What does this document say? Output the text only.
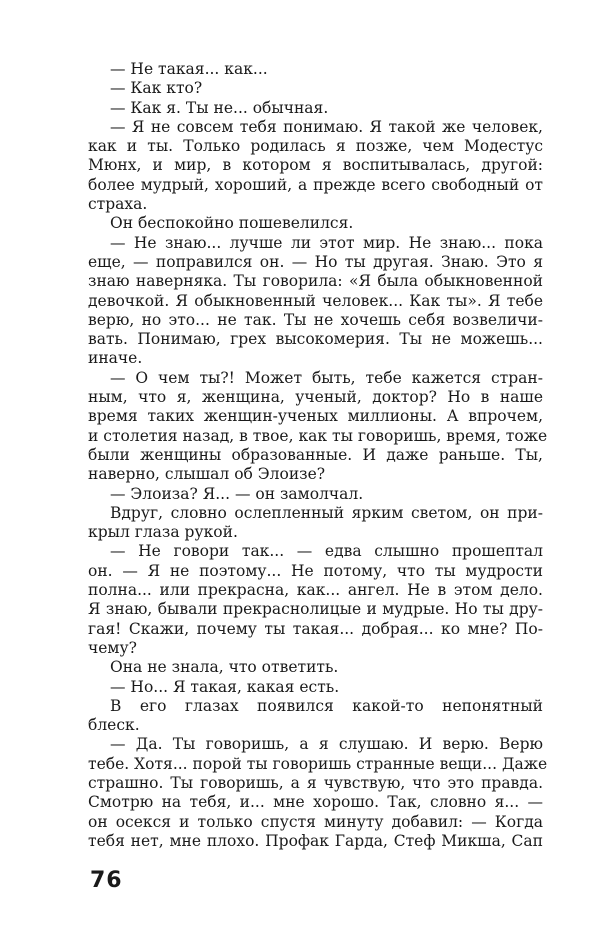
— Не такая... как...
— Как кто?
— Как я. Ты не... обычная.
— Я не совсем тебя понимаю. Я такой же человек,
как и ты. Только родилась я позже, чем Модестус
Мюнх, и мир, в котором я воспитывалась, другой:
более мудрый, хороший, а прежде всего свободный от
страха.
Он беспокойно пошевелился.
— Не знаю... лучше ли этот мир. Не знаю... пока
еще, — поправился он. — Но ты другая. Знаю. Это я
знаю наверняка. Ты говорила: «Я была обыкновенной
девочкой. Я обыкновенный человек... Как ты». Я тебе
верю, но это... не так. Ты не хочешь себя возвеличи-
вать. Понимаю, грех высокомерия. Ты не можешь...
иначе.
— О чем ты?! Может быть, тебе кажется стран-
ным, что я, женщина, ученый, доктор? Но в наше
время таких женщин-ученых миллионы. А впрочем,
и столетия назад, в твое, как ты говоришь, время, тоже
были женщины образованные. И даже раньше. Ты,
наверно, слышал об Элоизе?
— Элоиза? Я... — он замолчал.
Вдруг, словно ослепленный ярким светом, он при-
крыл глаза рукой.
— Не говори так... — едва слышно прошептал
он. — Я не поэтому... Не потому, что ты мудрости
полна... или прекрасна, как... ангел. Не в этом дело.
Я знаю, бывали прекраснолицые и мудрые. Но ты дру-
гая! Скажи, почему ты такая... добрая... ко мне? По-
чему?
Она не знала, что ответить.
— Но... Я такая, какая есть.
В его глазах появился какой-то непонятный
блеск.
— Да. Ты говоришь, а я слушаю. И верю. Верю
тебе. Хотя... порой ты говоришь странные вещи... Даже
страшно. Ты говоришь, а я чувствую, что это правда.
Смотрю на тебя, и... мне хорошо. Так, словно я... —
он осекся и только спустя минуту добавил: — Когда
тебя нет, мне плохо. Профак Гарда, Стеф Микша, Сап
76
